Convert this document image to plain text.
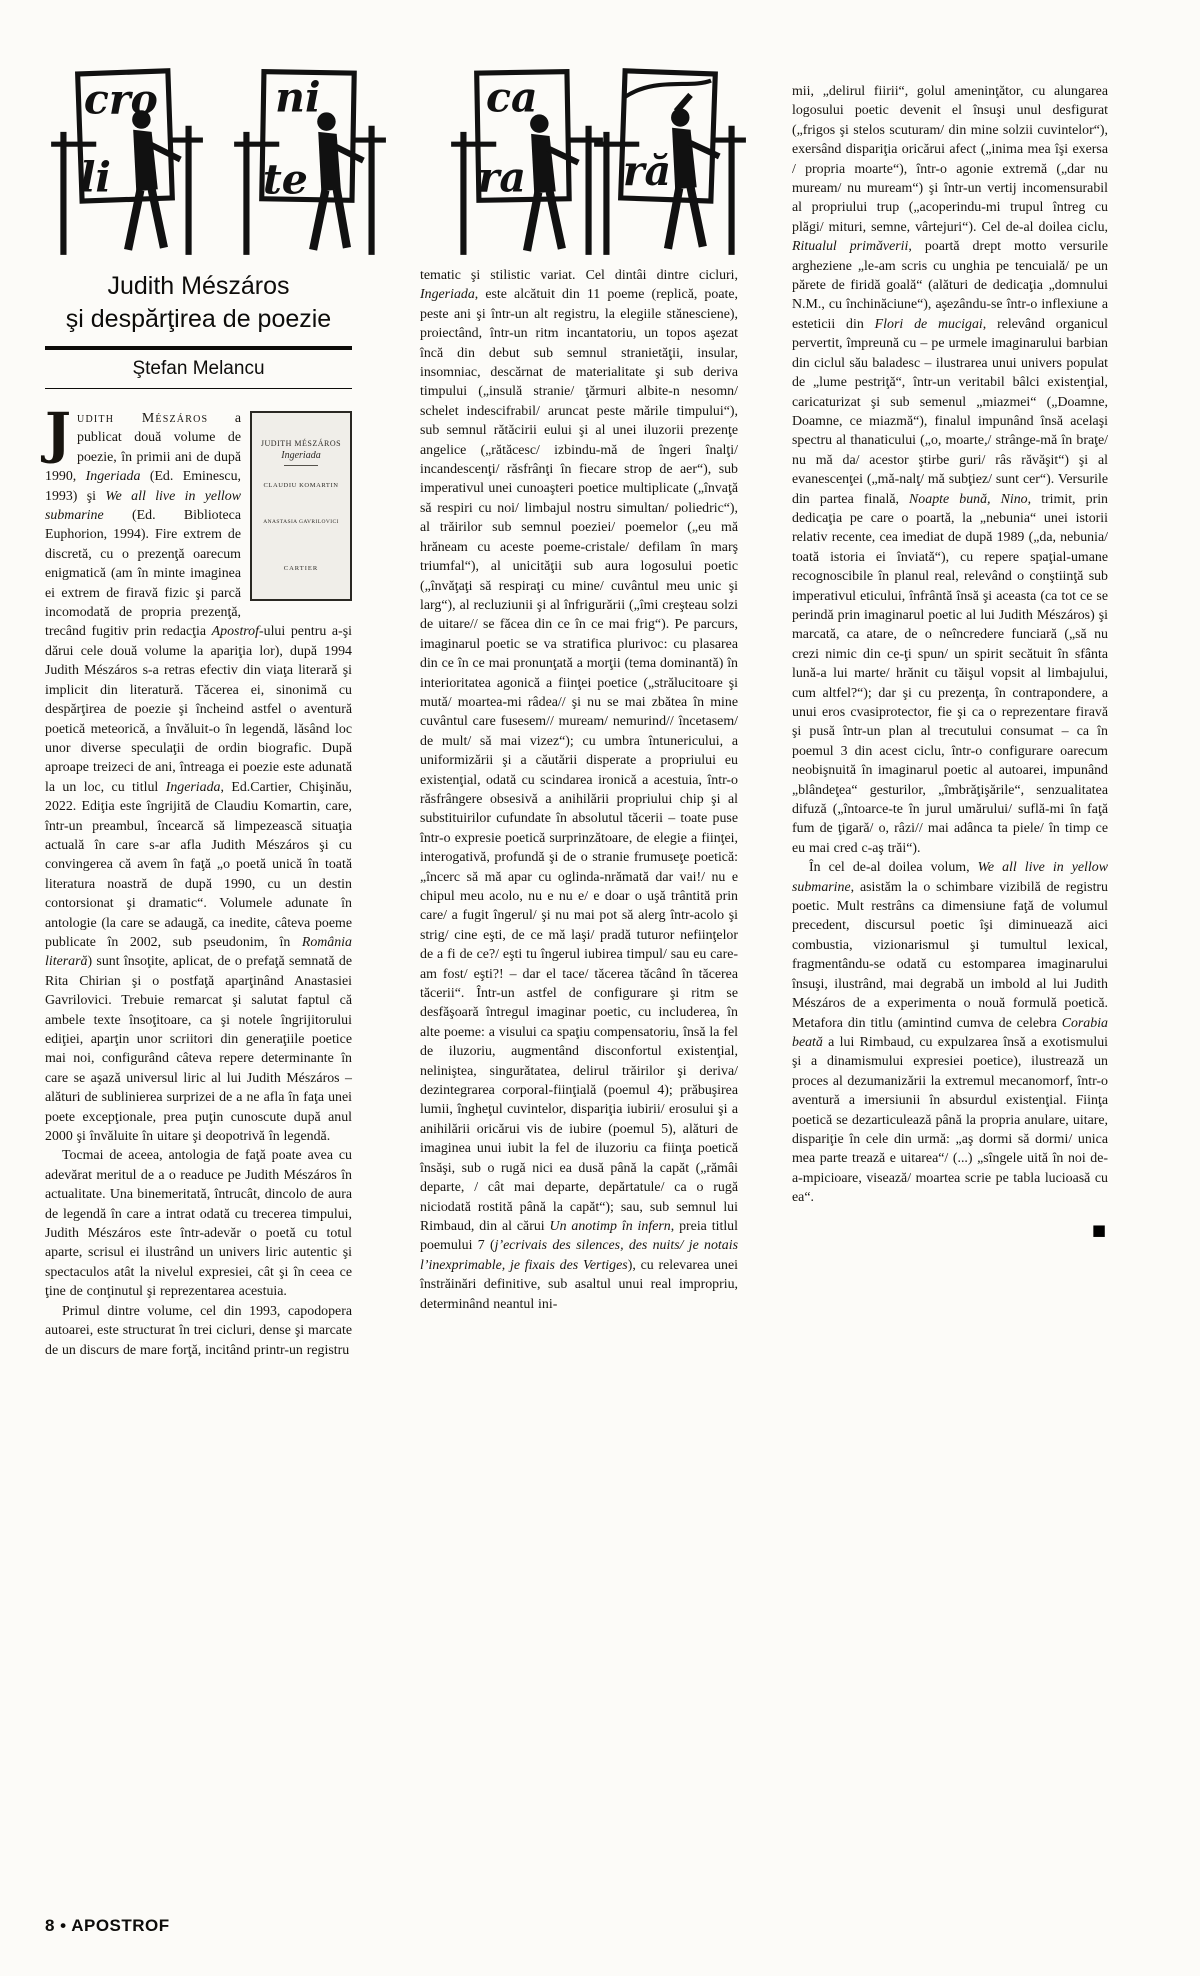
cro
li
ni
te
ca
ra ră
Judith Mészáros
şi despărţirea de poezie
Ştefan Melancu
JUDITH MÉSZÁROS
Ingeriada
CLAUDIU KOMARTIN
ANASTASIA GAVRILOVICI
CARTIER

Judith Mészáros a publicat două volume de poezie, în primii ani de după 1990, Ingeriada (Ed. Eminescu, 1993) şi We all live in yellow submarine (Ed. Biblioteca Euphorion, 1994). Fire extrem de discretă, cu o prezenţă oarecum enigmatică (am în minte imaginea ei extrem de firavă fizic şi parcă incomodată de propria prezenţă, trecând fugitiv prin redacţia Apostrof-ului pentru a-şi dărui cele două volume la apariţia lor), după 1994 Judith Mészáros s-a retras efectiv din viaţa literară şi implicit din literatură. Tăcerea ei, sinonimă cu despărţirea de poezie şi încheind astfel o aventură poetică meteorică, a învăluit-o în legendă, lăsând loc unor diverse speculaţii de ordin biografic. După aproape treizeci de ani, întreaga ei poezie este adunată la un loc, cu titlul Ingeriada, Ed.Cartier, Chişinău, 2022. Ediţia este îngrijită de Claudiu Komartin, care, într-un preambul, încearcă să limpezească situaţia actuală în care s-ar afla Judith Mészáros şi cu convingerea că avem în faţă „o poetă unică în toată literatura noastră de după 1990, cu un destin contorsionat şi dramatic“. Volumele adunate în antologie (la care se adaugă, ca inedite, câteva poeme publicate în 2002, sub pseudonim, în România literară) sunt însoţite, aplicat, de o prefaţă semnată de Rita Chirian şi o postfaţă aparţinând Anastasiei Gavrilovici. Trebuie remarcat şi salutat faptul că ambele texte însoţitoare, ca şi notele îngrijitorului ediţiei, aparţin unor scriitori din generaţiile poetice mai noi, configurând câteva repere determinante în care se aşază universul liric al lui Judith Mészáros – alături de sublinierea surprizei de a ne afla în faţa unei poete excepţionale, prea puţin cunoscute după anul 2000 şi învăluite în uitare şi deopotrivă în legendă.

Tocmai de aceea, antologia de faţă poate avea cu adevărat meritul de a o readuce pe Judith Mészáros în actualitate. Una binemeritată, întrucât, dincolo de aura de legendă în care a intrat odată cu trecerea timpului, Judith Mészáros este într-adevăr o poetă cu totul aparte, scrisul ei ilustrând un univers liric autentic şi spectaculos atât la nivelul expresiei, cât şi în ceea ce ţine de conţinutul şi reprezentarea acestuia.

Primul dintre volume, cel din 1993, capodopera autoarei, este structurat în trei cicluri, dense şi marcate de un discurs de mare forţă, incitând printr-un registru

tematic şi stilistic variat. Cel dintâi dintre cicluri, Ingeriada, este alcătuit din 11 poeme (replică, poate, peste ani şi într-un alt registru, la elegiile stănesciene), proiectând, într-un ritm incantatoriu, un topos aşezat încă din debut sub semnul stranietăţii, insular, insomniac, descărnat de materialitate şi sub deriva timpului („insulă stranie/ ţărmuri albite-n nesomn/ schelet indescifrabil/ aruncat peste mările timpului“), sub semnul rătăcirii eului şi al unei iluzorii prezenţe angelice („rătăcesc/ izbindu-mă de îngeri înalţi/ incandescenţi/ răsfrânţi în fiecare strop de aer“), sub imperativul unei cunoaşteri poetice multiplicate („învaţă să respiri cu noi/ limbajul nostru simultan/ poliedric“), al trăirilor sub semnul poeziei/ poemelor („eu mă hrăneam cu aceste poeme-cristale/ defilam în marş triumfal“), al unicităţii sub aura logosului poetic („învăţaţi să respiraţi cu mine/ cuvântul meu unic şi larg“), al recluziunii şi al înfrigurării („îmi creşteau solzi de uitare// se făcea din ce în ce mai frig“). Pe parcurs, imaginarul poetic se va stratifica plurivoc: cu plasarea din ce în ce mai pronunţată a morţii (tema dominantă) în interioritatea agonică a fiinţei poetice („strălucitoare şi mută/ moartea-mi râdea// şi nu se mai zbătea în mine cuvântul care fusesem// muream/ nemurind// încetasem/ de mult/ să mai vizez“); cu umbra întunericului, a uniformizării şi a căutării disperate a propriului eu existenţial, odată cu scindarea ironică a acestuia, într-o răsfrângere obsesivă a anihilării propriului chip şi al substituirilor cufundate în absolutul tăcerii – toate puse într-o expresie poetică surprinzătoare, de elegie a fiinţei, interogativă, profundă şi de o stranie frumuseţe poetică: „încerc să mă apar cu oglinda-nrămată dar vai!/ nu e chipul meu acolo, nu e nu e/ e doar o uşă trântită prin care/ a fugit îngerul/ şi nu mai pot să alerg într-acolo şi strig/ cine eşti, de ce mă laşi/ pradă tuturor nefiinţelor de a fi de ce?/ eşti tu îngerul iubirea timpul/ sau eu care-am fost/ eşti?! – dar el tace/ tăcerea tăcând în tăcerea tăcerii“. Într-un astfel de configurare şi ritm se desfăşoară întregul imaginar poetic, cu includerea, în alte poeme: a visului ca spaţiu compensatoriu, însă la fel de iluzoriu, augmentând disconfortul existenţial, neliniştea, singurătatea, delirul trăirilor şi deriva/ dezintegrarea corporal-fiinţială (poemul 4); prăbuşirea lumii, îngheţul cuvintelor, dispariţia iubirii/ erosului şi a anihilării oricărui vis de iubire (poemul 5), alături de imaginea unui iubit la fel de iluzoriu ca fiinţa poetică însăşi, sub o rugă nici ea dusă până la capăt („rămâi departe, / cât mai departe, depărtatule/ ca o rugă niciodată rostită până la capăt“); sau, sub semnul lui Rimbaud, din al cărui Un anotimp în infern, preia titlul poemului 7 (j’ecrivais des silences, des nuits/ je notais l’inexprimable, je fixais des Vertiges), cu relevarea unei înstrăinări definitive, sub asaltul unui real impropriu, determinând neantul ini-

mii, „delirul fiirii“, golul ameninţător, cu alungarea logosului poetic devenit el însuşi unul desfigurat („frigos şi stelos scuturam/ din mine solzii cuvintelor“), exersând dispariţia oricărui afect („inima mea îşi exersa / propria moarte“), într-o agonie extremă („dar nu muream/ nu muream“) şi într-un vertij incomensurabil al propriului trup („acoperindu-mi trupul întreg cu plăgi/ mituri, semne, vârtejuri“). Cel de-al doilea ciclu, Ritualul primăverii, poartă drept motto versurile argheziene „le-am scris cu unghia pe tencuială/ pe un părete de firidă goală“ (alături de dedicaţia „domnului N.M., cu închinăciune“), aşezându-se într-o inflexiune a esteticii din Flori de mucigai, relevând organicul pervertit, împreună cu – pe urmele imaginarului barbian din ciclul său baladesc – ilustrarea unui univers populat de „lume pestriţă“, într-un veritabil bâlci existenţial, caricaturizat şi sub semenul „miazmei“ („Doamne, Doamne, ce miazmă“), finalul impunând însă acelaşi spectru al thanaticului („o, moarte,/ strânge-mă în braţe/ nu mă da/ acestor ştirbe guri/ râs răvăşit“) şi al evanescenţei („mă-nalţ/ mă subţiez/ sunt cer“). Versurile din partea finală, Noapte bună, Nino, trimit, prin dedicaţia pe care o poartă, la „nebunia“ unei istorii relativ recente, cea imediat de după 1989 („da, nebunia/ toată istoria ei înviată“), cu repere spaţial-umane recognoscibile în planul real, relevând o conştiinţă sub imperativul eticului, înfrântă însă şi aceasta (ca tot ce se perindă prin imaginarul poetic al lui Judith Mészáros) şi marcată, ca atare, de o neîncredere funciară („să nu crezi nimic din ce-ţi spun/ un spirit secătuit în sfânta lună-a lui marte/ hrănit cu tăişul vopsit al limbajului, cum altfel?“); dar şi cu prezenţa, în contrapondere, a unui eros cvasiprotector, fie şi ca o reprezentare firavă şi pusă într-un plan al trecutului consumat – ca în poemul 3 din acest ciclu, într-o configurare oarecum neobişnuită în imaginarul poetic al autoarei, impunând „blândeţea“ gesturilor, „îmbrăţişările“, senzualitatea difuză („întoarce-te în jurul umărului/ suflă-mi în faţă fum de ţigară/ o, râzi// mai adânca ta piele/ în timp ce eu mai cred c-aş trăi“).

În cel de-al doilea volum, We all live in yellow submarine, asistăm la o schimbare vizibilă de registru poetic. Mult restrâns ca dimensiune faţă de volumul precedent, discursul poetic îşi diminuează aici combustia, vizionarismul şi tumultul lexical, fragmentându-se odată cu estomparea imaginarului însuşi, ilustrând, mai degrabă un imbold al lui Judith Mészáros de a experimenta o nouă formulă poetică. Metafora din titlu (amintind cumva de celebra Corabia beată a lui Rimbaud, cu expulzarea însă a exotismului şi a dinamismului expresiei poetice), ilustrează un proces al dezumanizării la extremul mecanomorf, într-o aventură a imersiunii în absurdul existenţial. Fiinţa poetică se dezarticulează până la propria anulare, uitare, dispariţie în cele din urmă: „aş dormi să dormi/ unica mea parte trează e uitarea“/ (...) „sîngele uită în noi de-a-mpicioare, visează/ moartea scrie pe tabla lucioasă cu ea“.

■
8 • APOSTROF
